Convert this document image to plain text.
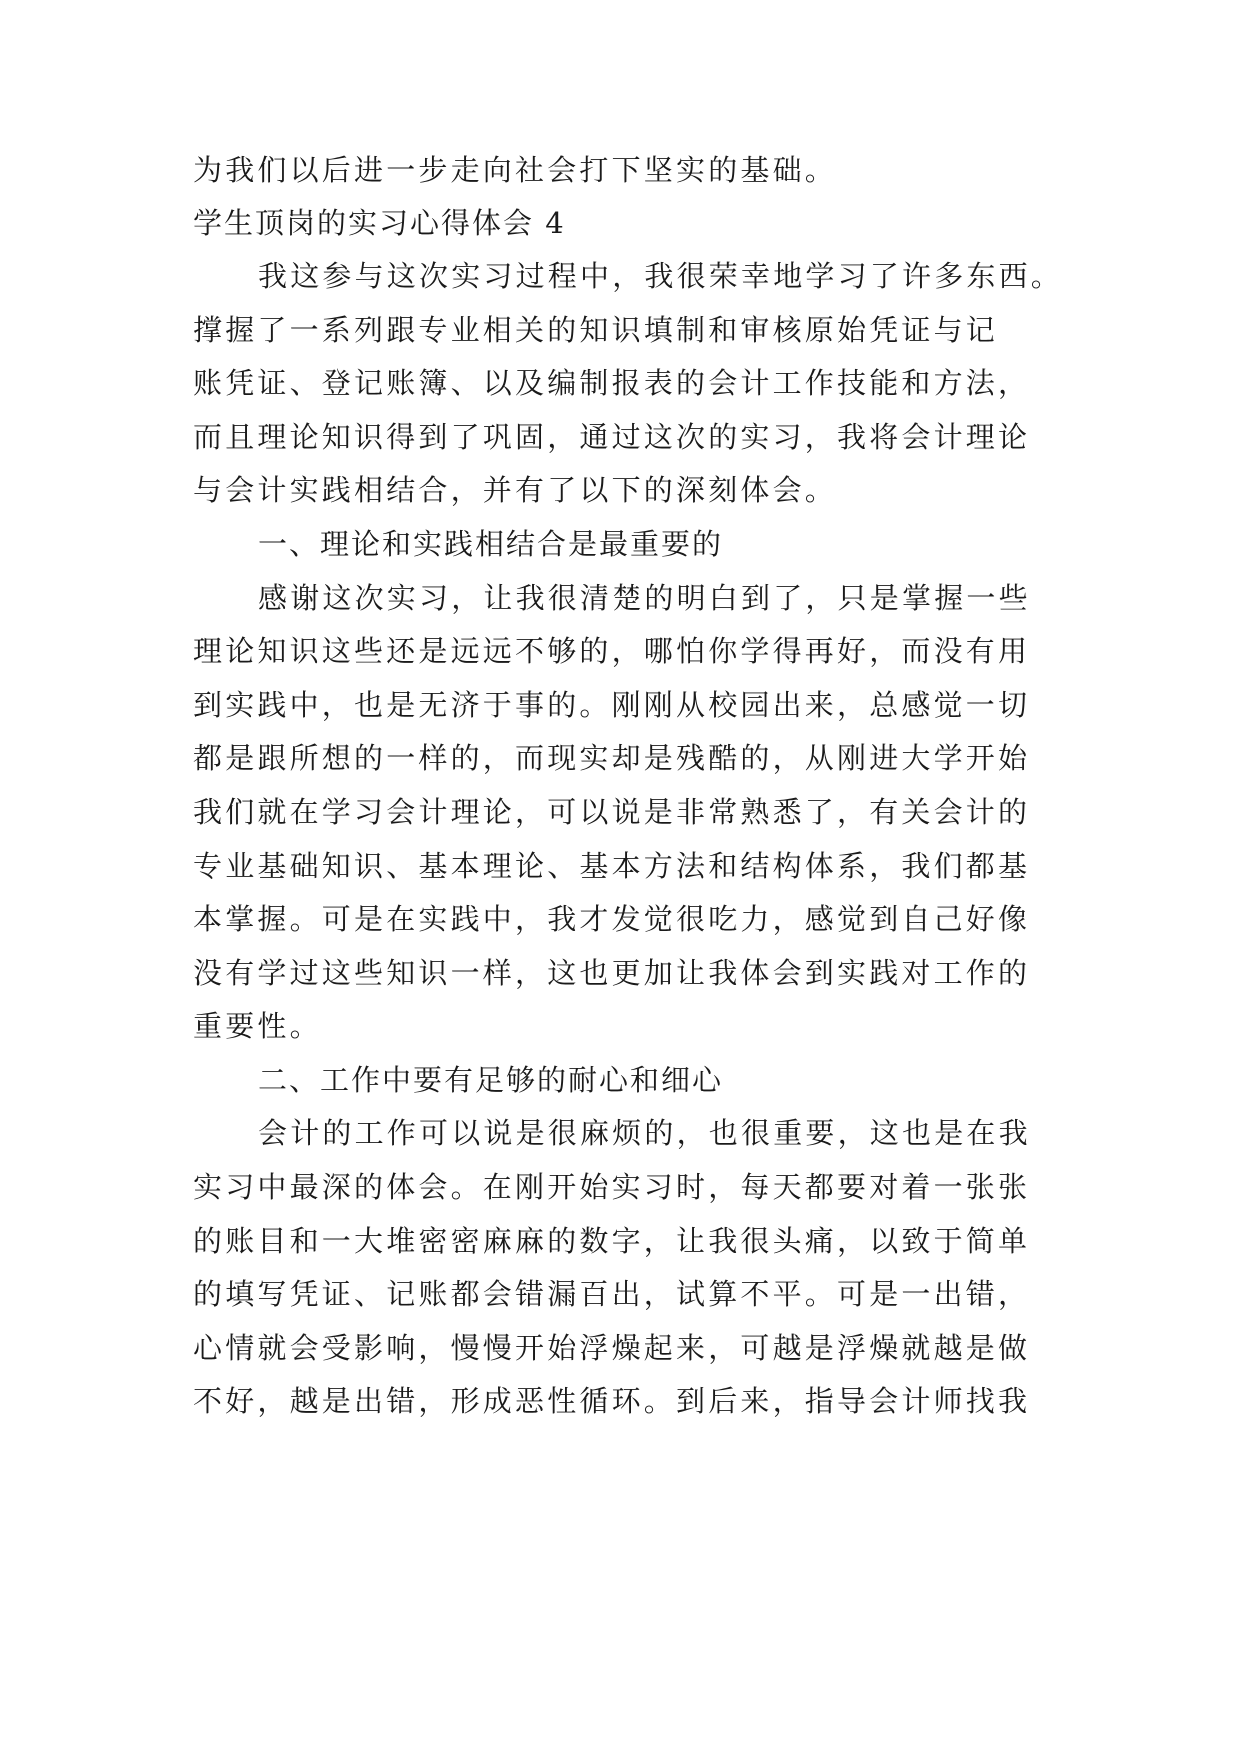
为我们以后进一步走向社会打下坚实的基础。
学生顶岗的实习心得体会 4
我这参与这次实习过程中，我很荣幸地学习了许多东西。
撑握了一系列跟专业相关的知识填制和审核原始凭证与记
账凭证、登记账簿、以及编制报表的会计工作技能和方法，
而且理论知识得到了巩固，通过这次的实习，我将会计理论
与会计实践相结合，并有了以下的深刻体会。
一、理论和实践相结合是最重要的
感谢这次实习，让我很清楚的明白到了，只是掌握一些
理论知识这些还是远远不够的，哪怕你学得再好，而没有用
到实践中，也是无济于事的。刚刚从校园出来，总感觉一切
都是跟所想的一样的，而现实却是残酷的，从刚进大学开始
我们就在学习会计理论，可以说是非常熟悉了，有关会计的
专业基础知识、基本理论、基本方法和结构体系，我们都基
本掌握。可是在实践中，我才发觉很吃力，感觉到自己好像
没有学过这些知识一样，这也更加让我体会到实践对工作的
重要性。
二、工作中要有足够的耐心和细心
会计的工作可以说是很麻烦的，也很重要，这也是在我
实习中最深的体会。在刚开始实习时，每天都要对着一张张
的账目和一大堆密密麻麻的数字，让我很头痛，以致于简单
的填写凭证、记账都会错漏百出，试算不平。可是一出错，
心情就会受影响，慢慢开始浮燥起来，可越是浮燥就越是做
不好，越是出错，形成恶性循环。到后来，指导会计师找我
